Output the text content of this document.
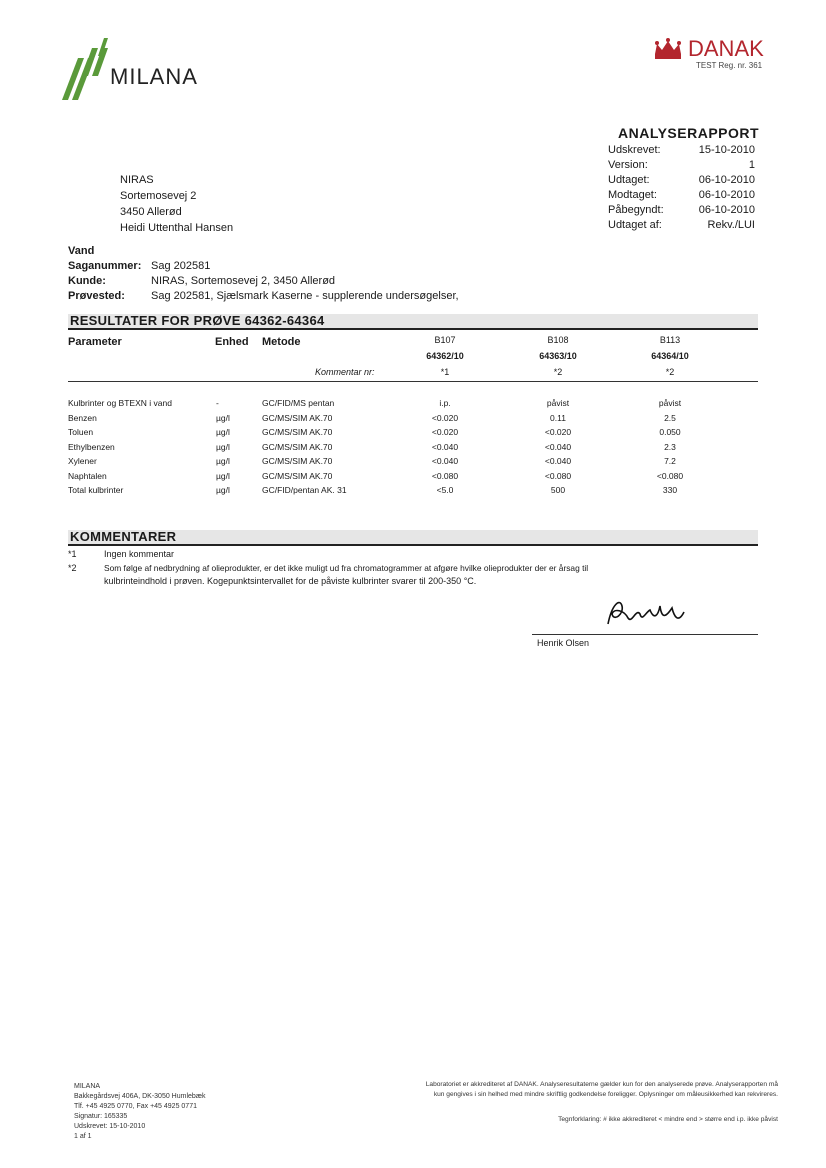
MILANA
DANAK
TEST Reg. nr. 361
ANALYSERAPPORT
Udskrevet:	15-10-2010
Version:	1
Udtaget:	06-10-2010
Modtaget:	06-10-2010
Påbegyndt:	06-10-2010
Udtaget af:	Rekv./LUI
NIRAS
Sortemosevej 2
3450 Allerød
Heidi Uttenthal Hansen
Vand
Saganummer: Sag 202581
Kunde:	NIRAS, Sortemosevej 2, 3450 Allerød
Prøvested:	Sag 202581, Sjælsmark Kaserne - supplerende undersøgelser,
RESULTATER FOR PRØVE 64362-64364
Parameter	Enhed Metode	B107	B108	B113
64362/10	64363/10	64364/10
Kommentar nr:	*1	*2	*2
Kulbrinter og BTEXN i vand	-	GC/FID/MS pentan	i.p.	påvist	påvist
Benzen	µg/l	GC/MS/SIM AK.70	<0.020	0.11	2.5
Toluen	µg/l	GC/MS/SIM AK.70	<0.020	<0.020	0.050
Ethylbenzen	µg/l	GC/MS/SIM AK.70	<0.040	<0.040	2.3
Xylener	µg/l	GC/MS/SIM AK.70	<0.040	<0.040	7.2
Naphtalen	µg/l	GC/MS/SIM AK.70	<0.080	<0.080	<0.080
Total kulbrinter	µg/l	GC/FID/pentan AK. 31	<5.0	500	330
KOMMENTARER
*1	Ingen kommentar
*2	Som følge af nedbrydning af olieprodukter, er det ikke muligt ud fra chromatogrammer at afgøre hvilke olieprodukter der er årsag til
kulbrinteindhold i prøven. Kogepunktsintervallet for de påviste kulbrinter svarer til 200-350 °C.
Henrik Olsen
MILANA
Bakkegårdsvej 406A, DK-3050 Humlebæk
Tlf. +45 4925 0770, Fax +45 4925 0771
Signatur: 165335
Udskrevet: 15-10-2010
1 af 1
Laboratoriet er akkrediteret af DANAK. Analyseresultaterne gælder kun for den analyserede prøve. Analyserapporten må
kun gengives i sin helhed med mindre skriftlig godkendelse foreligger. Oplysninger om måleusikkerhed kan rekvireres.
Tegnforklaring: # ikke akkrediteret < mindre end > større end i.p. ikke påvist
